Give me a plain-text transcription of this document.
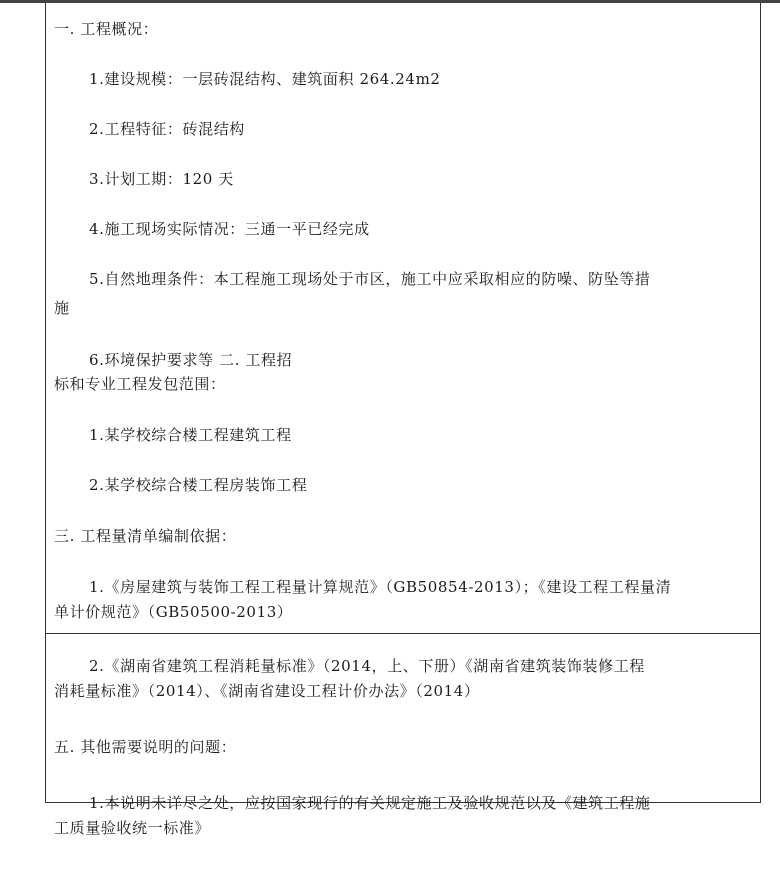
一. 工程概况：
1.建设规模：一层砖混结构、建筑面积 264.24m2
2.工程特征：砖混结构
3.计划工期：120 天
4.施工现场实际情况：三通一平已经完成
5.自然地理条件：本工程施工现场处于市区，施工中应采取相应的防噪、防坠等措
施
6.环境保护要求等 二. 工程招
标和专业工程发包范围：
1.某学校综合楼工程建筑工程
2.某学校综合楼工程房装饰工程
三. 工程量清单编制依据：
1.《房屋建筑与装饰工程工程量计算规范》（GB50854-2013）；《建设工程工程量清
单计价规范》（GB50500-2013）
2.《湖南省建筑工程消耗量标准》（2014，上、下册）《湖南省建筑装饰装修工程
消耗量标准》（2014）、《湖南省建设工程计价办法》（2014）
五. 其他需要说明的问题：
1.本说明未详尽之处，应按国家现行的有关规定施工及验收规范以及《建筑工程施
工质量验收统一标准》
